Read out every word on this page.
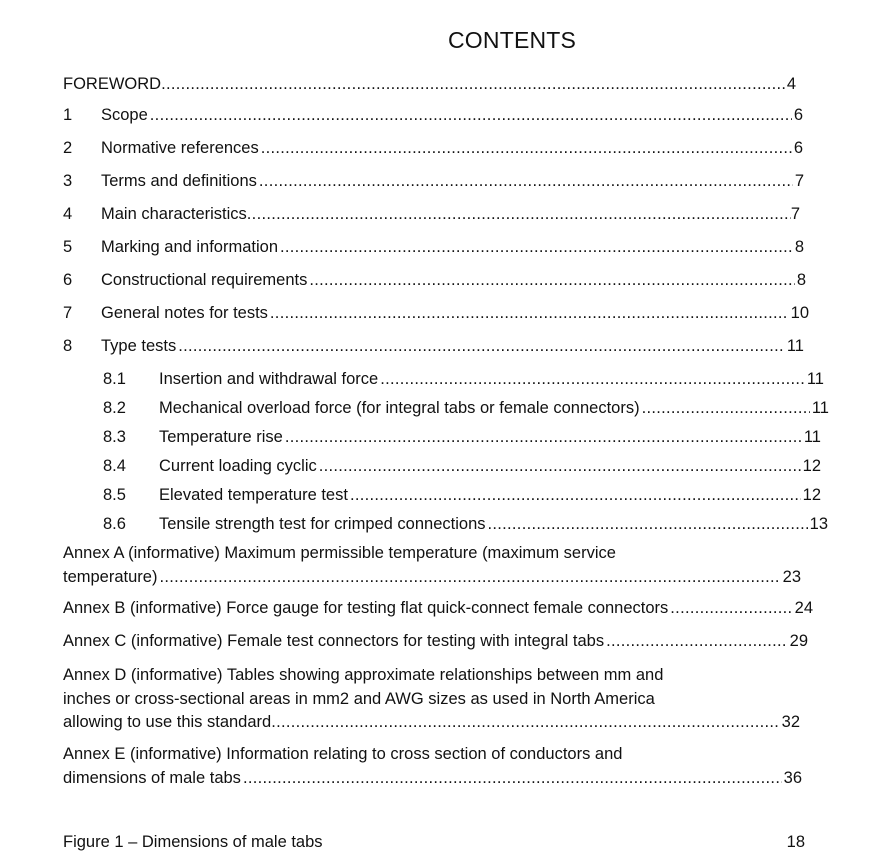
CONTENTS
FOREWORD .....	4
1	Scope .....	6
2	Normative references .....	6
3	Terms and definitions .....	7
4	Main characteristics .....	7
5	Marking and information .....	8
6	Constructional requirements .....	8
7	General notes for tests .....	10
8	Type tests .....	11
8.1	Insertion and withdrawal force .....	11
8.2	Mechanical overload force (for integral tabs or female connectors) .....	11
8.3	Temperature rise .....	11
8.4	Current loading cyclic .....	12
8.5	Elevated temperature test .....	12
8.6	Tensile strength test for crimped connections .....	13
Annex A (informative) Maximum permissible temperature (maximum service
temperature) .....	23
Annex B (informative) Force gauge for testing flat quick-connect female connectors .....	24
Annex C (informative) Female test connectors for testing with integral tabs .....	29
Annex D (informative) Tables showing approximate relationships between mm and
inches or cross-sectional areas in mm2 and AWG sizes as used in North America
allowing to use this standard .....	32
Annex E (informative) Information relating to cross section of conductors and
dimensions of male tabs .....	36
Figure 1 – Dimensions of male tabs	18
